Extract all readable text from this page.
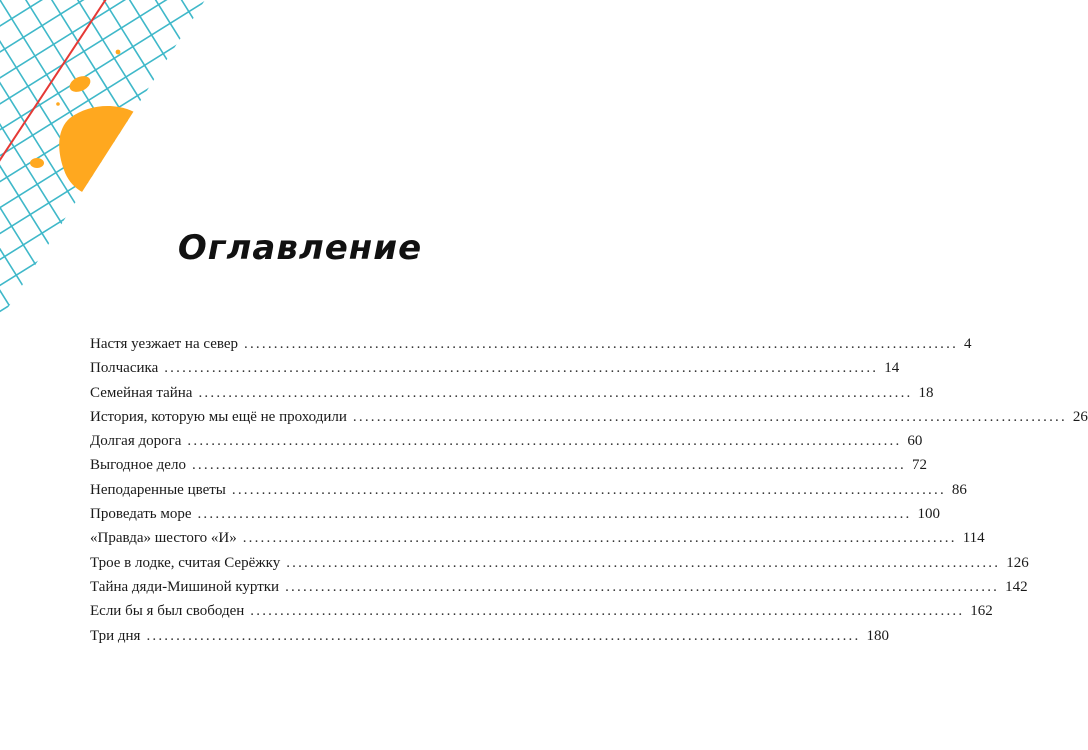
Оглавление
Настя уезжает на север ........................................................................................................................ 4
Полчасика ........................................................................................................................ 14
Семейная тайна ........................................................................................................................ 18
История, которую мы ещё не проходили ........................................................................................................................ 26
Долгая дорога ........................................................................................................................ 60
Выгодное дело ........................................................................................................................ 72
Неподаренные цветы ........................................................................................................................ 86
Проведать море ........................................................................................................................ 100
«Правда» шестого «И» ........................................................................................................................ 114
Трое в лодке, считая Серёжку ........................................................................................................................ 126
Тайна дяди-Мишиной куртки ........................................................................................................................ 142
Если бы я был свободен ........................................................................................................................ 162
Три дня ........................................................................................................................ 180
